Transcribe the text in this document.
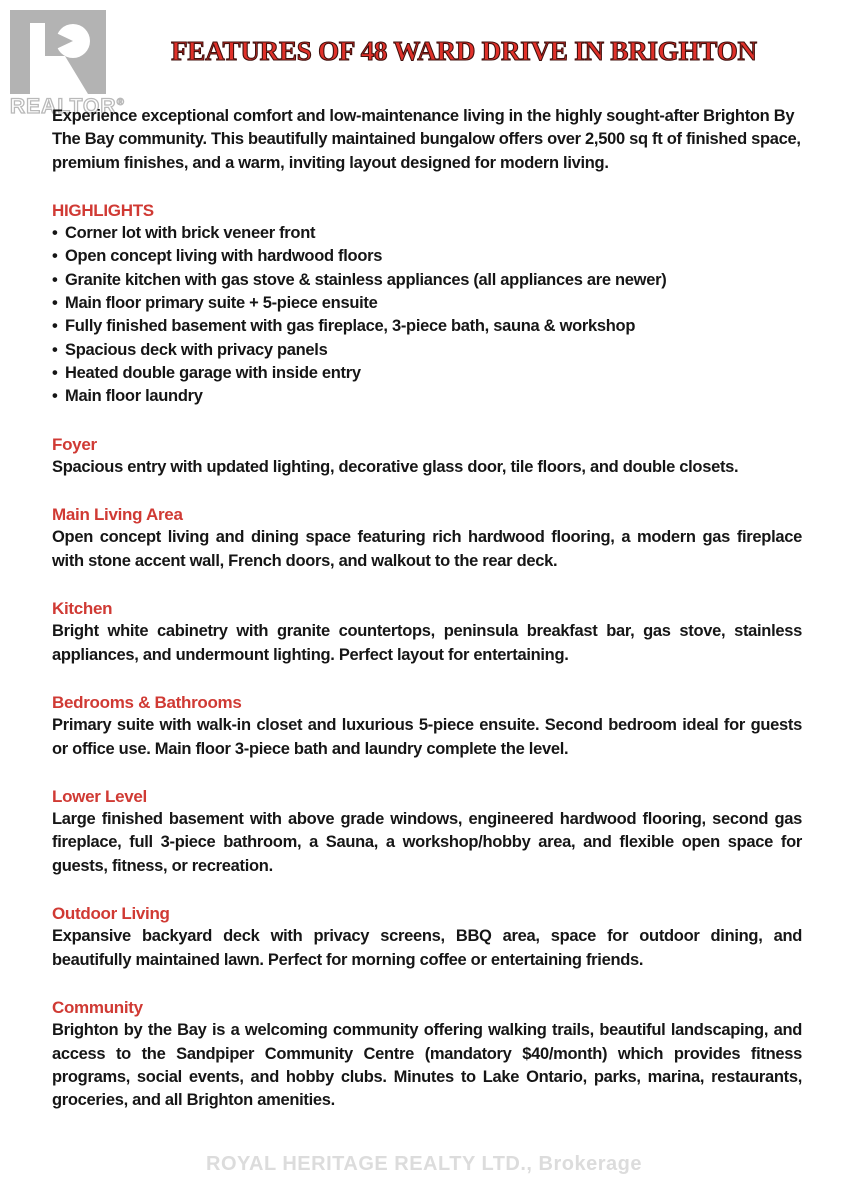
REALTOR®
FEATURES OF 48 WARD DRIVE IN BRIGHTON
ROYAL HERITAGE REALTY LTD., Brokerage

Experience exceptional comfort and low-maintenance living in the highly sought-after Brighton By The Bay community. This beautifully maintained bungalow offers over 2,500 sq ft of finished space, premium finishes, and a warm, inviting layout designed for modern living.

HIGHLIGHTS
• Corner lot with brick veneer front
• Open concept living with hardwood floors
• Granite kitchen with gas stove & stainless appliances (all appliances are newer)
• Main floor primary suite + 5-piece ensuite
• Fully finished basement with gas fireplace, 3-piece bath, sauna & workshop
• Spacious deck with privacy panels
• Heated double garage with inside entry
• Main floor laundry
Foyer

Spacious entry with updated lighting, decorative glass door, tile floors, and double closets.

Main Living Area

Open concept living and dining space featuring rich hardwood flooring, a modern gas fireplace with stone accent wall, French doors, and walkout to the rear deck.

Kitchen

Bright white cabinetry with granite countertops, peninsula breakfast bar, gas stove, stainless appliances, and undermount lighting. Perfect layout for entertaining.

Bedrooms & Bathrooms

Primary suite with walk-in closet and luxurious 5-piece ensuite. Second bedroom ideal for guests or office use. Main floor 3-piece bath and laundry complete the level.

Lower Level

Large finished basement with above grade windows, engineered hardwood flooring, second gas fireplace, full 3-piece bathroom, a Sauna, a workshop/hobby area, and flexible open space for guests, fitness, or recreation.

Outdoor Living

Expansive backyard deck with privacy screens, BBQ area, space for outdoor dining, and beautifully maintained lawn. Perfect for morning coffee or entertaining friends.

Community

Brighton by the Bay is a welcoming community offering walking trails, beautiful landscaping, and access to the Sandpiper Community Centre (mandatory $40/month) which provides fitness programs, social events, and hobby clubs. Minutes to Lake Ontario, parks, marina, restaurants, groceries, and all Brighton amenities.
